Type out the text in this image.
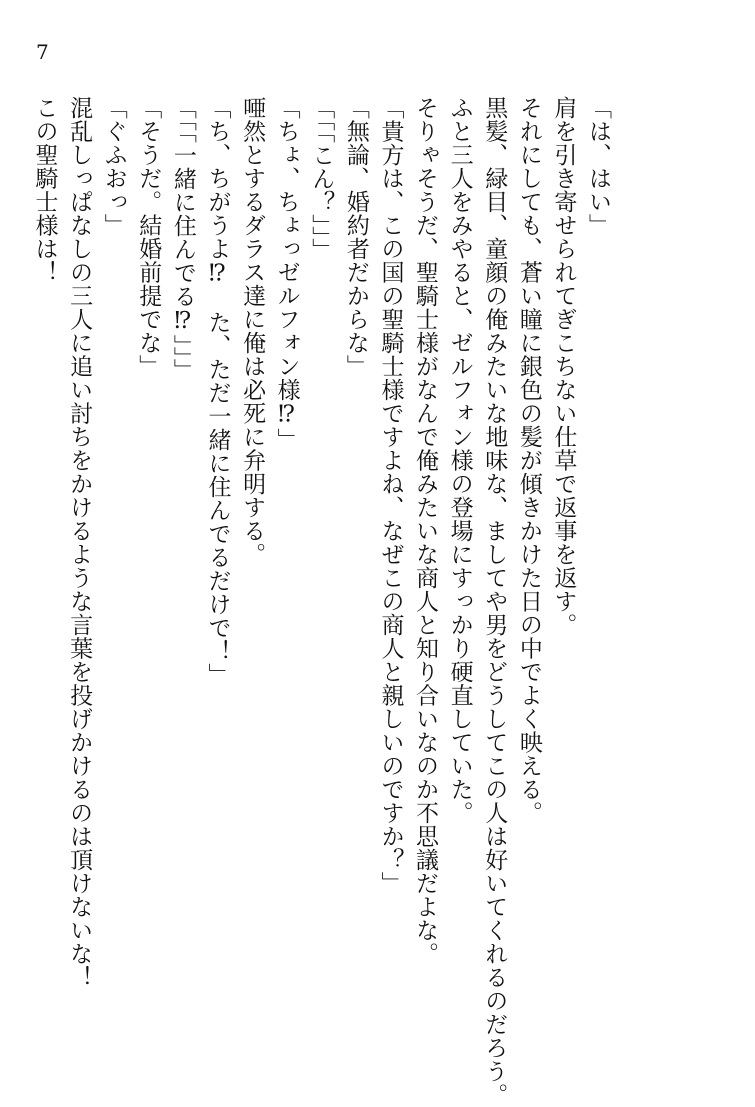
7
「は、はい」
肩を引き寄せられてぎこちない仕草で返事を返す。
それにしても、蒼い瞳に銀色の髪が傾きかけた日の中でよく映える。
黒髪、緑目、童顔の俺みたいな地味な、ましてや男をどうしてこの人は好いてくれるのだろう。
ふと三人をみやると、ゼルフォン様の登場にすっかり硬直していた。
そりゃそうだ、聖騎士様がなんで俺みたいな商人と知り合いなのか不思議だよな。
「貴方は、この国の聖騎士様ですよね、なぜこの商人と親しいのですか？」
「無論、婚約者だからな」
「「「こん？」」」
「ちょ、ちょっゼルフォン様⁉」
唖然とするダラス達に俺は必死に弁明する。
「ち、ちがうよ⁉　た、ただ一緒に住んでるだけで！」
「「「一緒に住んでる⁉」」」
「そうだ。結婚前提でな」
「ぐふおっ」
混乱しっぱなしの三人に追い討ちをかけるような言葉を投げかけるのは頂けないな！
この聖騎士様は！
